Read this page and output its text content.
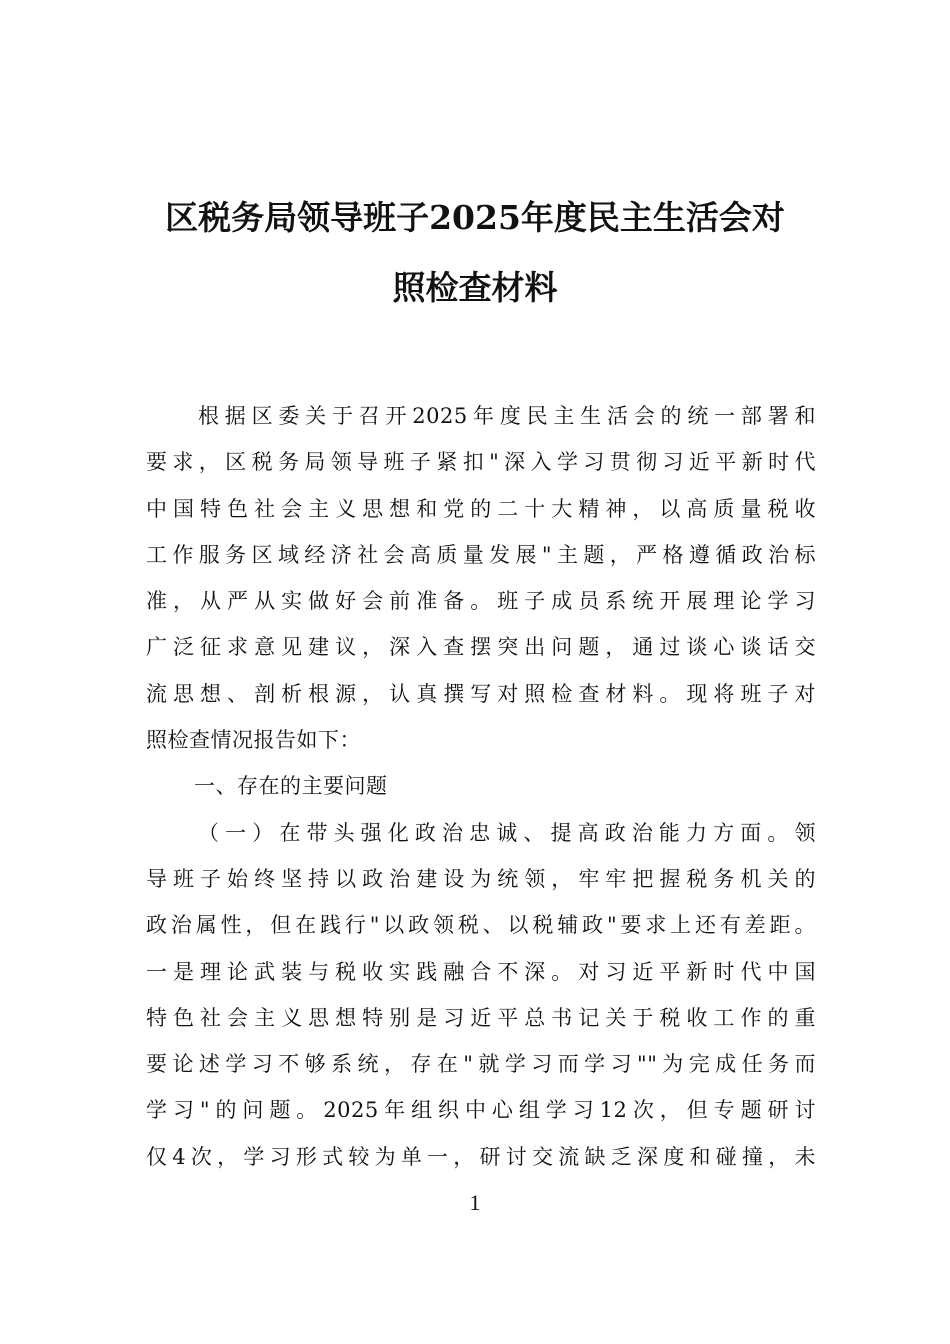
区税务局领导班子2025年度民主生活会对
照检查材料
根据区委关于召开2025年度民主生活会的统一部署和
要求，区税务局领导班子紧扣"深入学习贯彻习近平新时代
中国特色社会主义思想和党的二十大精神，以高质量税收
工作服务区域经济社会高质量发展"主题，严格遵循政治标
准，从严从实做好会前准备。班子成员系统开展理论学习
广泛征求意见建议，深入查摆突出问题，通过谈心谈话交
流思想、剖析根源，认真撰写对照检查材料。现将班子对
照检查情况报告如下：
一、存在的主要问题
（一）在带头强化政治忠诚、提高政治能力方面。领
导班子始终坚持以政治建设为统领，牢牢把握税务机关的
政治属性，但在践行"以政领税、以税辅政"要求上还有差距。
一是理论武装与税收实践融合不深。对习近平新时代中国
特色社会主义思想特别是习近平总书记关于税收工作的重
要论述学习不够系统，存在"就学习而学习""为完成任务而
学习"的问题。2025年组织中心组学习12次，但专题研讨
仅4次，学习形式较为单一，研讨交流缺乏深度和碰撞，未
1
